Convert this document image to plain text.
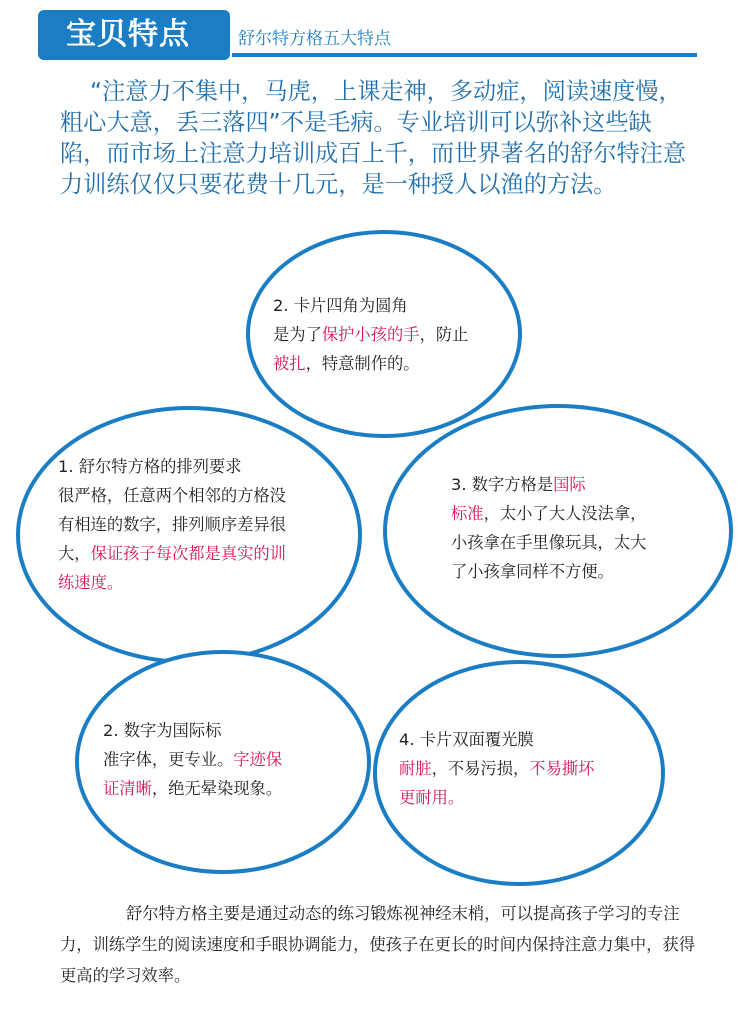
宝贝特点	舒尔特方格五大特点
“注意力不集中，马虎，上课走神，多动症，阅读速度慢，粗心大意，丢三落四”不是毛病。专业培训可以弥补这些缺陷，而市场上注意力培训成百上千，而世界著名的舒尔特注意力训练仅仅只要花费十几元，是一种授人以渔的方法。
2. 卡片四角为圆角
是为了保护小孩的手，防止
被扎，特意制作的。
1. 舒尔特方格的排列要求
很严格，任意两个相邻的方格没
有相连的数字，排列顺序差异很
大，保证孩子每次都是真实的训
练速度。
3. 数字方格是国际
标准，太小了大人没法拿，
小孩拿在手里像玩具，太大
了小孩拿同样不方便。
2. 数字为国际标
准字体，更专业。字迹保
证清晰，绝无晕染现象。
4. 卡片双面覆光膜
耐脏，不易污损，不易撕坏
更耐用。
舒尔特方格主要是通过动态的练习锻炼视神经末梢，可以提高孩子学习的专注力，训练学生的阅读速度和手眼协调能力，使孩子在更长的时间内保持注意力集中，获得更高的学习效率。
